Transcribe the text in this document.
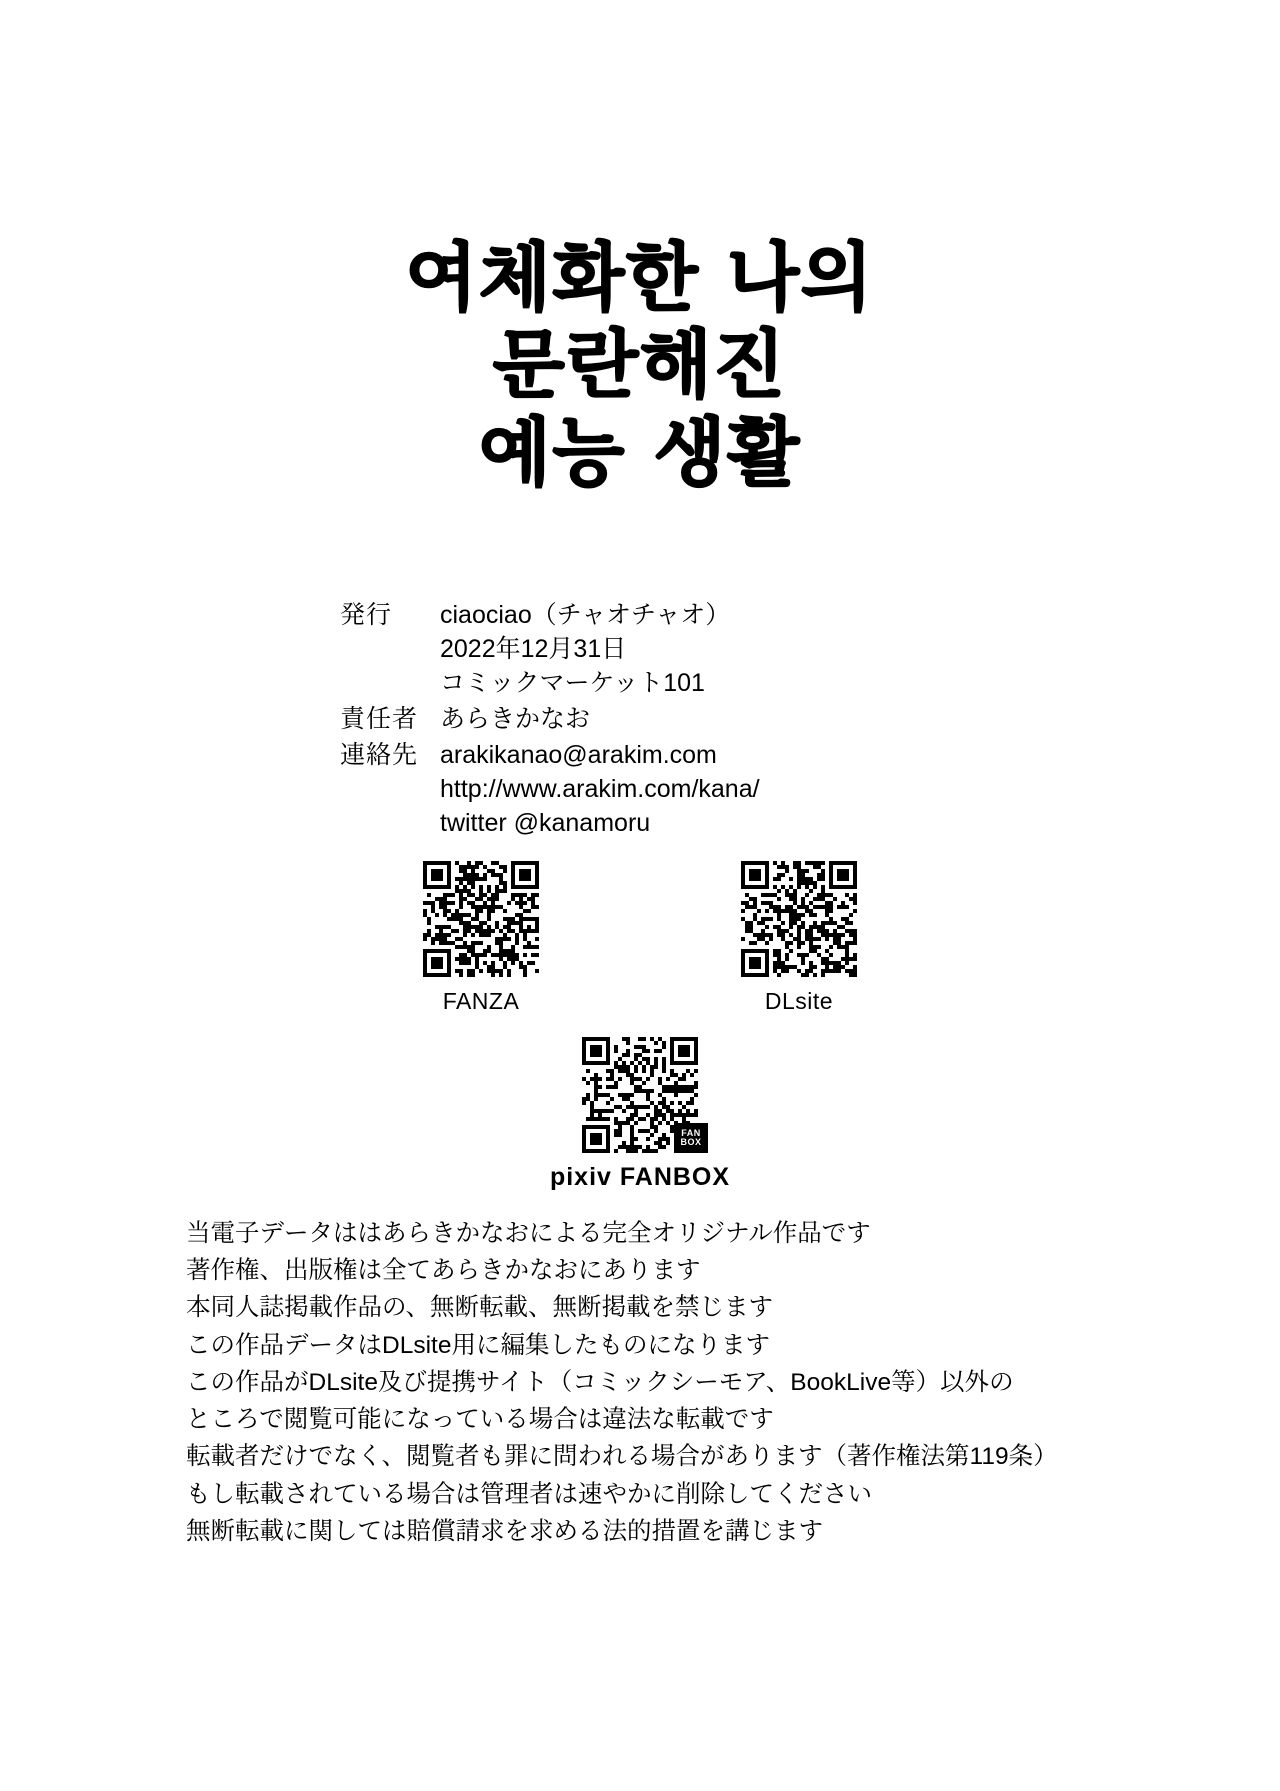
여체화한 나의
문란해진
예능 생활
発行	ciaociao（チャオチャオ）
2022年12月31日
コミックマーケット101
責任者 あらきかなお
連絡先 arakikanao@arakim.com
http://www.arakim.com/kana/
twitter @kanamoru
FANZA	DLsite
FAN
BOX
pixiv FANBOX
当電子データははあらきかなおによる完全オリジナル作品です
著作権、出版権は全てあらきかなおにあります
本同人誌掲載作品の、無断転載、無断掲載を禁じます
この作品データはDLsite用に編集したものになります
この作品がDLsite及び提携サイト（コミックシーモア、BookLive等）以外の
ところで閲覧可能になっている場合は違法な転載です
転載者だけでなく、閲覧者も罪に問われる場合があります（著作権法第119条）
もし転載されている場合は管理者は速やかに削除してください
無断転載に関しては賠償請求を求める法的措置を講じます
